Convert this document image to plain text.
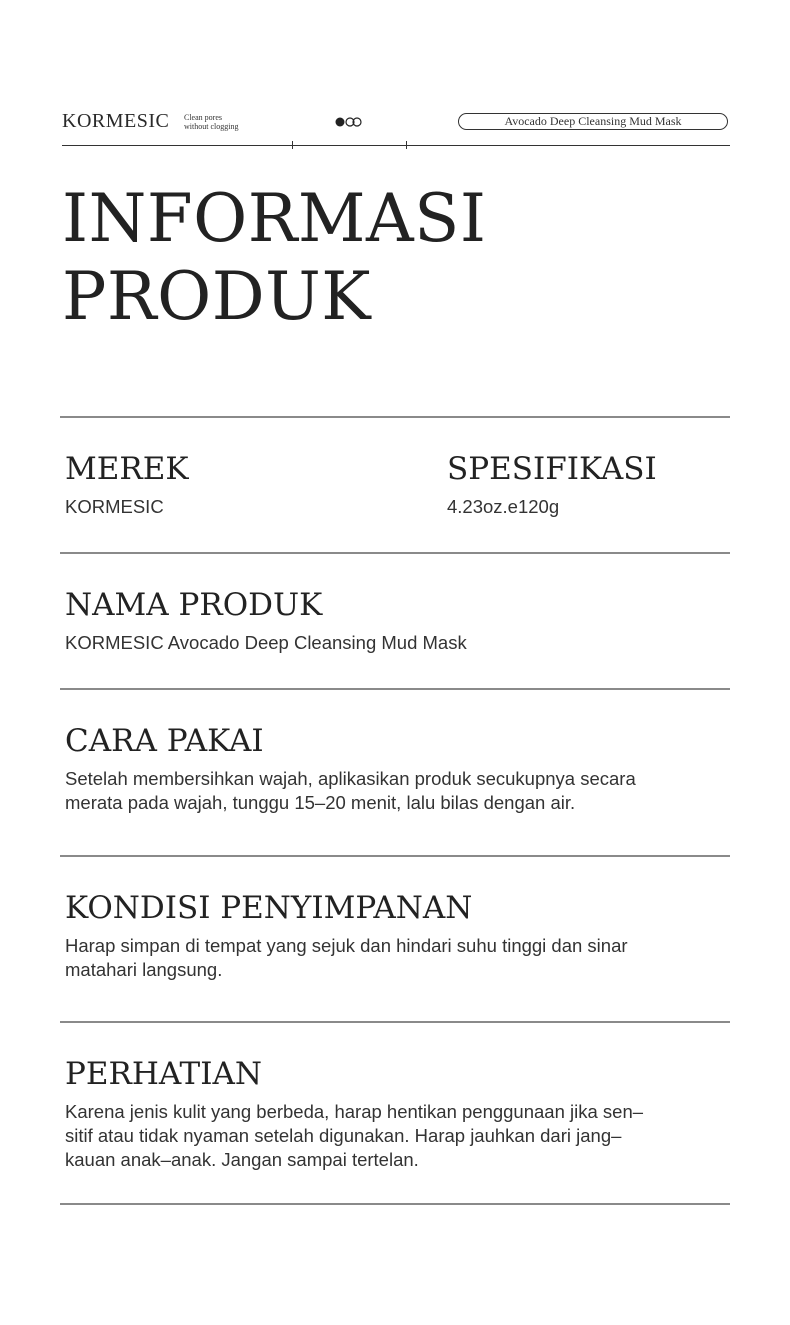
KORMESIC Clean pores
without clogging	Avocado Deep Cleansing Mud Mask
INFORMASI
PRODUK
MEREK
KORMESIC
SPESIFIKASI
4.23oz.e120g
NAMA PRODUK
KORMESIC Avocado Deep Cleansing Mud Mask
CARA PAKAI
Setelah membersihkan wajah, aplikasikan produk secukupnya secara
merata pada wajah, tunggu 15–20 menit, lalu bilas dengan air.
KONDISI PENYIMPANAN
Harap simpan di tempat yang sejuk dan hindari suhu tinggi dan sinar
matahari langsung.
PERHATIAN
Karena jenis kulit yang berbeda, harap hentikan penggunaan jika sen–
sitif atau tidak nyaman setelah digunakan. Harap jauhkan dari jang–
kauan anak–anak. Jangan sampai tertelan.
